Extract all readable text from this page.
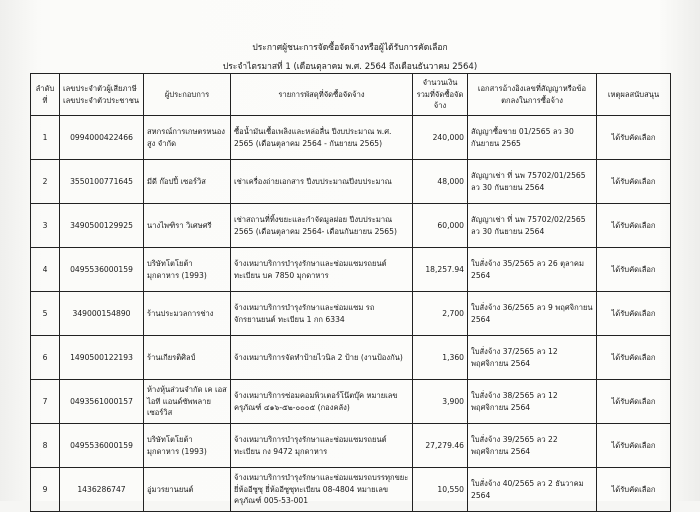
ประกาศผู้ชนะการจัดซื้อจัดจ้างหรือผู้ได้รับการคัดเลือก
ประจำไตรมาสที่ 1 (เดือนตุลาคม พ.ศ. 2564 ถึงเดือนธันวาคม 2564)
ลำดับที่	เลขประจำตัวผู้เสียภาษี เลขประจำตัวประชาชน	ผู้ประกอบการ	รายการพัสดุที่จัดซื้อจัดจ้าง	จำนวนเงินรวมที่จัดซื้อจัดจ้าง	เอกสารอ้างอิงเลขที่สัญญาหรือข้อตกลงในการซื้อจ้าง	เหตุผลสนับสนุน
1	0994000422466	สหกรณ์การเกษตรหนองสูง จำกัด	ซื้อน้ำมันเชื้อเพลิงและหล่อลื่น ปีงบประมาณ พ.ศ. 2565 (เดือนตุลาคม 2564 - กันยายน 2565)	240,000	สัญญาซื้อขาย 01/2565 ลว 30 กันยายน 2565	ได้รับคัดเลือก
2	3550100771645	มีดี ก๊อปปี้ เซอร์วิส	เช่าเครื่องถ่ายเอกสาร ปีงบประมาณปีงบประมาณ	48,000	สัญญาเช่า ที่ นพ 75702/01/2565 ลว 30 กันยายน 2564	ได้รับคัดเลือก
3	3490500129925	นางไพฑิรา วิเศษศรี	เช่าสถานที่ทิ้งขยะและกำจัดมูลฝอย ปีงบประมาณ 2565 (เดือนตุลาคม 2564- เดือนกันยายน 2565)	60,000	สัญญาเช่า ที่ นพ 75702/02/2565 ลว 30 กันยายน 2564	ได้รับคัดเลือก
4	0495536000159	บริษัทโตโยต้า มุกดาหาร (1993)	จ้างเหมาบริการบำรุงรักษาและซ่อมแซมรถยนต์ ทะเบียน บค 7850 มุกดาหาร	18,257.94	ใบสั่งจ้าง 35/2565 ลว 26 ตุลาคม 2564	ได้รับคัดเลือก
5	349000154890	ร้านประมวลการช่าง	จ้างเหมาบริการบำรุงรักษาและซ่อมแซม รถจักรยานยนต์ ทะเบียน 1 กก 6334	2,700	ใบสั่งจ้าง 36/2565 ลว 9 พฤศจิกายน 2564	ได้รับคัดเลือก
6	1490500122193	ร้านเกียรติศิลป์	จ้างเหมาบริการจัดทำป้ายไวนิล 2 ป้าย (งานป้องกัน)	1,360	ใบสั่งจ้าง 37/2565 ลว 12 พฤศจิกายน 2564	ได้รับคัดเลือก
7	0493561000157	ห้างหุ้นส่วนจำกัด เค เอส ไอที แอนด์ซัพพลายเซอร์วิส	จ้างเหมาบริการซ่อมคอมพิวเตอร์โน๊ตบุ๊ค หมายเลขครุภัณฑ์ ๔๑๖-๕๒-๐๐๐๕ (กองคลัง)	3,900	ใบสั่งจ้าง 38/2565 ลว 12 พฤศจิกายน 2564	ได้รับคัดเลือก
8	0495536000159	บริษัทโตโยต้า มุกดาหาร (1993)	จ้างเหมาบริการบำรุงรักษาและซ่อมแซมรถยนต์ ทะเบียน กง 9472 มุกดาหาร	27,279.46	ใบสั่งจ้าง 39/2565 ลว 22 พฤศจิกายน 2564	ได้รับคัดเลือก
9	1436286747	อู่มวรยานยนต์	จ้างเหมาบริการบำรุงรักษาและซ่อมแซมรถบรรทุกขยะ ยี่ห้ออีซูซุ ยี่ห้ออีซูซุทะเบียน 08-4804 หมายเลขครุภัณฑ์ 005-53-001	10,550	ใบสั่งจ้าง 40/2565 ลว 2 ธันวาคม 2564	ได้รับคัดเลือก
